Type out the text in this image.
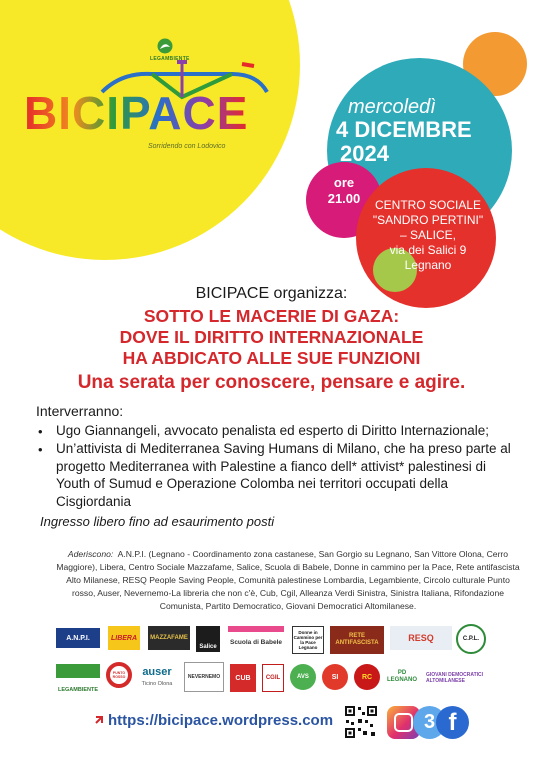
LEGAMBIENTE
BICIPACE
Sorridendo con Lodovico
mercoledì
4 DICEMBRE
2024
ore
21.00	CENTRO SOCIALE
"SANDRO PERTINI"
– SALICE,
via dei Salici 9
Legnano
BICIPACE organizza:
SOTTO LE MACERIE DI GAZA:
DOVE IL DIRITTO INTERNAZIONALE
HA ABDICATO ALLE SUE FUNZIONI
Una serata per conoscere, pensare e agire.
Interverranno:
• Ugo Giannangeli, avvocato penalista ed esperto di Diritto Internazionale;
• Un’attivista di Mediterranea Saving Humans di Milano, che ha preso parte al progetto Mediterranea with Palestine a fianco dell* attivist* palestinesi di Youth of Sumud e Operazione Colomba nei territori occupati della Cisgiordania
Ingresso libero fino ad esaurimento posti
Aderiscono: A.N.P.I. (Legnano - Coordinamento zona castanese, San Gorgio su Legnano, San Vittore Olona, Cerro Maggiore), Libera, Centro Sociale Mazzafame, Salice, Scuola di Babele, Donne in cammino per la Pace, Rete antifascista Alto Milanese, RESQ People Saving People, Comunità palestinese Lombardia, Legambiente, Circolo culturale Punto rosso, Auser, Nevernemo-La libreria che non c'è, Cub, Cgil, Alleanza Verdi Sinistra, Sinistra Italiana, Rifondazione Comunista, Partito Democratico, Giovani Democratici Altomilanese.
A.N.P.I.	LIBERA	MAZZAFAME
Salice
Scuola di Babele
Donne in Cammino per la Pace Legnano
RETE ANTIFASCISTA
RESQ	C.P.L.
LEGAMBIENTE
PUNTO ROSSO	auser
Ticino Olona
NEVERNEMO	CUB	CGIL	AVS	SI	RC
PD LEGNANO
GIOVANI DEMOCRATICI ALTOMILANESE
https://bicipace.wordpress.com	3 f
